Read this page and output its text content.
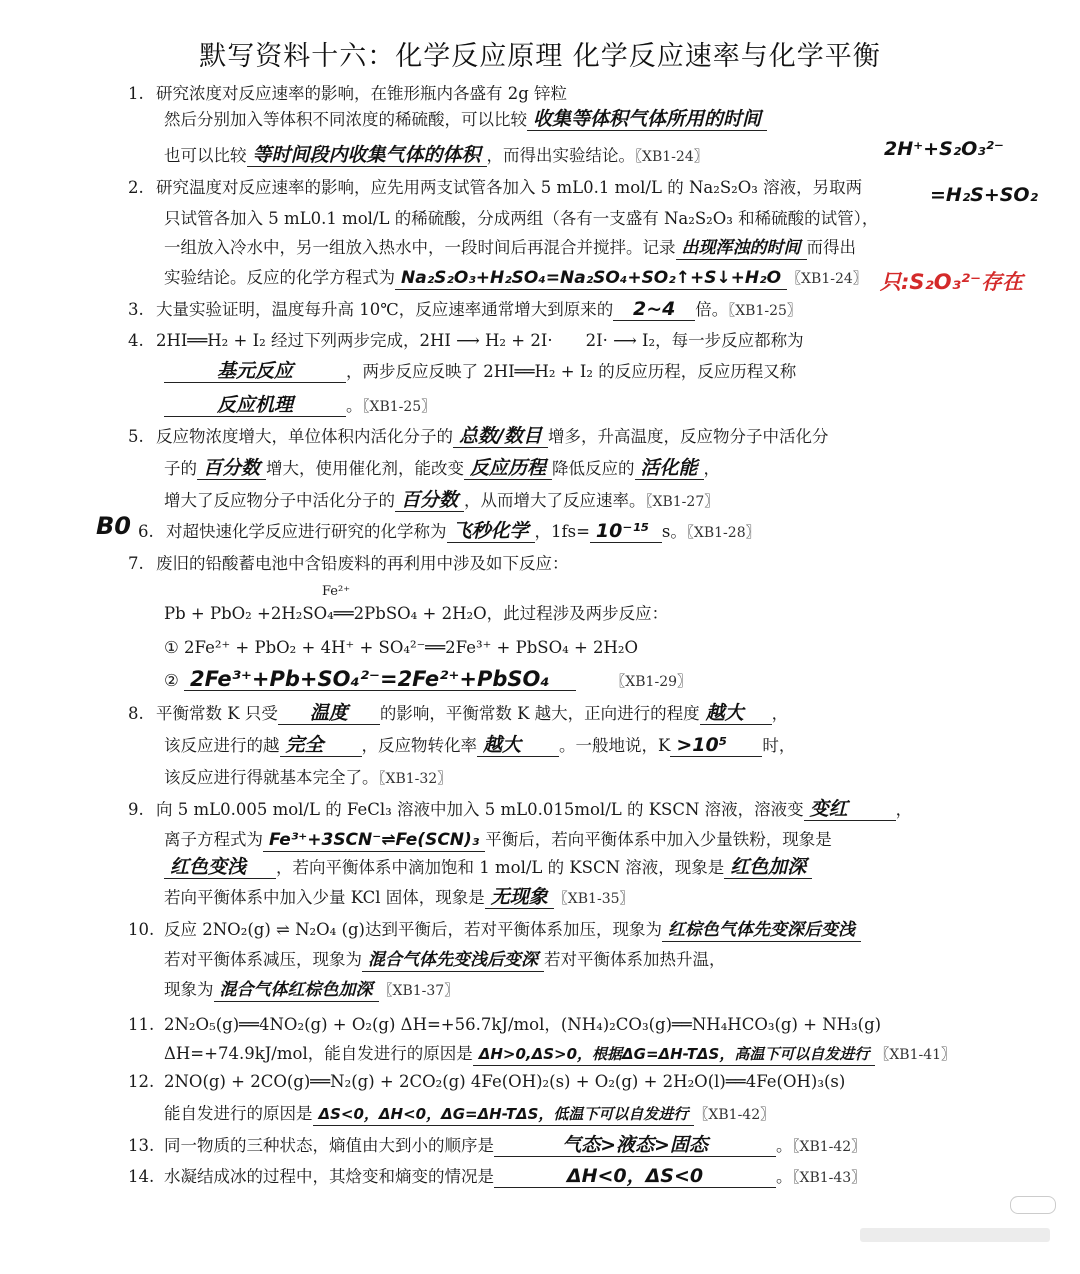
默写资料十六：化学反应原理 化学反应速率与化学平衡
1. 研究浓度对反应速率的影响，在锥形瓶内各盛有 2g 锌粒
然后分别加入等体积不同浓度的稀硫酸，可以比较 收集等体积气体所用的时间
也可以比较 等时间段内收集气体的体积 ，而得出实验结论。〖XB1-24〗	2H⁺+S₂O₃²⁻
2. 研究温度对反应速率的影响，应先用两支试管各加入 5 mL0.1 mol/L 的 Na₂S₂O₃ 溶液，另取两	=H₂S+SO₂
只试管各加入 5 mL0.1 mol/L 的稀硫酸，分成两组（各有一支盛有 Na₂S₂O₃ 和稀硫酸的试管），
一组放入冷水中，另一组放入热水中，一段时间后再混合并搅拌。记录 出现浑浊的时间 而得出
实验结论。反应的化学方程式为 Na₂S₂O₃+H₂SO₄=Na₂SO₄+SO₂↑+S↓+H₂O 〖XB1-24〗 只:S₂O₃²⁻存在
3. 大量实验证明，温度每升高 10℃，反应速率通常增大到原来的 2~4 倍。〖XB1-25〗
4. 2HI══H₂ + I₂ 经过下列两步完成，2HI ⟶ H₂ + 2I·　　2I· ⟶ I₂，每一步反应都称为
基元反应	，两步反应反映了 2HI══H₂ + I₂ 的反应历程，反应历程又称
反应机理	。〖XB1-25〗
5. 反应物浓度增大，单位体积内活化分子的 总数/数目 增多，升高温度，反应物分子中活化分
子的 百分数 增大，使用催化剂，能改变 反应历程 降低反应的 活化能 ，
增大了反应物分子中活化分子的 百分数 ，从而增大了反应速率。〖XB1-27〗
B0 6. 对超快速化学反应进行研究的化学称为 飞秒化学 ，1fs= 10⁻¹⁵ s。〖XB1-28〗
7. 废旧的铅酸蓄电池中含铅废料的再利用中涉及如下反应：
Fe²⁺
Pb + PbO₂ +2H₂SO₄══2PbSO₄ + 2H₂O，此过程涉及两步反应：
① 2Fe²⁺ + PbO₂ + 4H⁺ + SO₄²⁻══2Fe³⁺ + PbSO₄ + 2H₂O
② 2Fe³⁺+Pb+SO₄²⁻=2Fe²⁺+PbSO₄	〖XB1-29〗
8. 平衡常数 K 只受 温度 的影响，平衡常数 K 越大，正向进行的程度 越大 ，
该反应进行的越 完全 ，反应物转化率 越大 。一般地说，K >10⁵ 时，
该反应进行得就基本完全了。〖XB1-32〗
9. 向 5 mL0.005 mol/L 的 FeCl₃ 溶液中加入 5 mL0.015mol/L 的 KSCN 溶液，溶液变 变红	，
离子方程式为 Fe³⁺+3SCN⁻⇌Fe(SCN)₃ 平衡后，若向平衡体系中加入少量铁粉，现象是
红色变浅 ，若向平衡体系中滴加饱和 1 mol/L 的 KSCN 溶液，现象是 红色加深
若向平衡体系中加入少量 KCl 固体，现象是 无现象 〖XB1-35〗
10. 反应 2NO₂(g) ⇌ N₂O₄ (g)达到平衡后，若对平衡体系加压，现象为 红棕色气体先变深后变浅
若对平衡体系减压，现象为 混合气体先变浅后变深 若对平衡体系加热升温，
现象为 混合气体红棕色加深 〖XB1-37〗
11. 2N₂O₅(g)══4NO₂(g) + O₂(g) ΔH=+56.7kJ/mol，(NH₄)₂CO₃(g)══NH₄HCO₃(g) + NH₃(g)
ΔH=+74.9kJ/mol，能自发进行的原因是 ΔH>0,ΔS>0，根据ΔG=ΔH-TΔS，高温下可以自发进行 〖XB1-41〗
12. 2NO(g) + 2CO(g)══N₂(g) + 2CO₂(g) 4Fe(OH)₂(s) + O₂(g) + 2H₂O(l)══4Fe(OH)₃(s)
能自发进行的原因是 ΔS<0，ΔH<0，ΔG=ΔH-TΔS，低温下可以自发进行 〖XB1-42〗
13. 同一物质的三种状态，熵值由大到小的顺序是	气态>液态>固态	。〖XB1-42〗
14. 水凝结成冰的过程中，其焓变和熵变的情况是	ΔH<0，ΔS<0	。〖XB1-43〗
